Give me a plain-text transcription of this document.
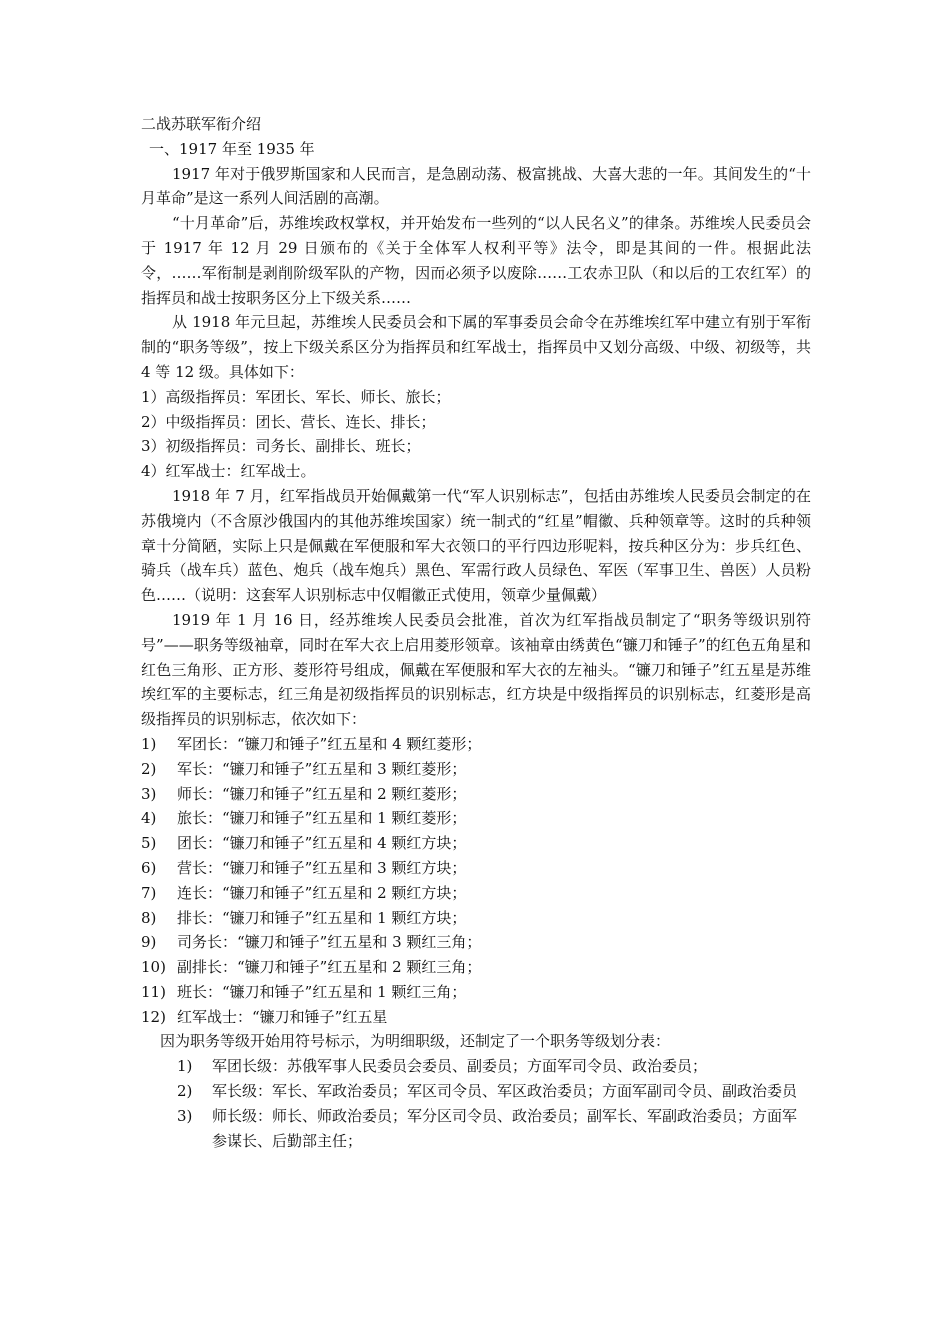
二战苏联军衔介绍
一、1917 年至 1935 年

1917 年对于俄罗斯国家和人民而言，是急剧动荡、极富挑战、大喜大悲的一年。其间发生的“十月革命”是这一系列人间活剧的高潮。

“十月革命”后，苏维埃政权掌权，并开始发布一些列的“以人民名义”的律条。苏维埃人民委员会于 1917 年 12 月 29 日颁布的《关于全体军人权利平等》法令，即是其间的一件。根据此法令，……军衔制是剥削阶级军队的产物，因而必须予以废除……工农赤卫队（和以后的工农红军）的指挥员和战士按职务区分上下级关系……

从 1918 年元旦起，苏维埃人民委员会和下属的军事委员会命令在苏维埃红军中建立有别于军衔制的“职务等级”，按上下级关系区分为指挥员和红军战士，指挥员中又划分高级、中级、初级等，共 4 等 12 级。具体如下：

1）高级指挥员：军团长、军长、师长、旅长；
2）中级指挥员：团长、营长、连长、排长；
3）初级指挥员：司务长、副排长、班长；
4）红军战士：红军战士。

1918 年 7 月，红军指战员开始佩戴第一代“军人识别标志”，包括由苏维埃人民委员会制定的在苏俄境内（不含原沙俄国内的其他苏维埃国家）统一制式的“红星”帽徽、兵种领章等。这时的兵种领章十分简陋，实际上只是佩戴在军便服和军大衣领口的平行四边形呢料，按兵种区分为：步兵红色、骑兵（战车兵）蓝色、炮兵（战车炮兵）黑色、军需行政人员绿色、军医（军事卫生、兽医）人员粉色……（说明：这套军人识别标志中仅帽徽正式使用，领章少量佩戴）

1919 年 1 月 16 日，经苏维埃人民委员会批准，首次为红军指战员制定了“职务等级识别符号”——职务等级袖章，同时在军大衣上启用菱形领章。该袖章由绣黄色“镰刀和锤子”的红色五角星和红色三角形、正方形、菱形符号组成，佩戴在军便服和军大衣的左袖头。“镰刀和锤子”红五星是苏维埃红军的主要标志，红三角是初级指挥员的识别标志，红方块是中级指挥员的识别标志，红菱形是高级指挥员的识别标志，依次如下：

1)	军团长：“镰刀和锤子”红五星和 4 颗红菱形；
2)	军长：“镰刀和锤子”红五星和 3 颗红菱形；
3)	师长：“镰刀和锤子”红五星和 2 颗红菱形；
4)	旅长：“镰刀和锤子”红五星和 1 颗红菱形；
5)	团长：“镰刀和锤子”红五星和 4 颗红方块；
6)	营长：“镰刀和锤子”红五星和 3 颗红方块；
7)	连长：“镰刀和锤子”红五星和 2 颗红方块；
8)	排长：“镰刀和锤子”红五星和 1 颗红方块；
9)	司务长：“镰刀和锤子”红五星和 3 颗红三角；
10) 副排长：“镰刀和锤子”红五星和 2 颗红三角；
11) 班长：“镰刀和锤子”红五星和 1 颗红三角；
12) 红军战士：“镰刀和锤子”红五星
因为职务等级开始用符号标示，为明细职级，还制定了一个职务等级划分表：
1)	军团长级：苏俄军事人民委员会委员、副委员；方面军司令员、政治委员；
2)	军长级：军长、军政治委员；军区司令员、军区政治委员；方面军副司令员、副政治委员
3)	师长级：师长、师政治委员；军分区司令员、政治委员；副军长、军副政治委员；方面军参谋长、后勤部主任；
